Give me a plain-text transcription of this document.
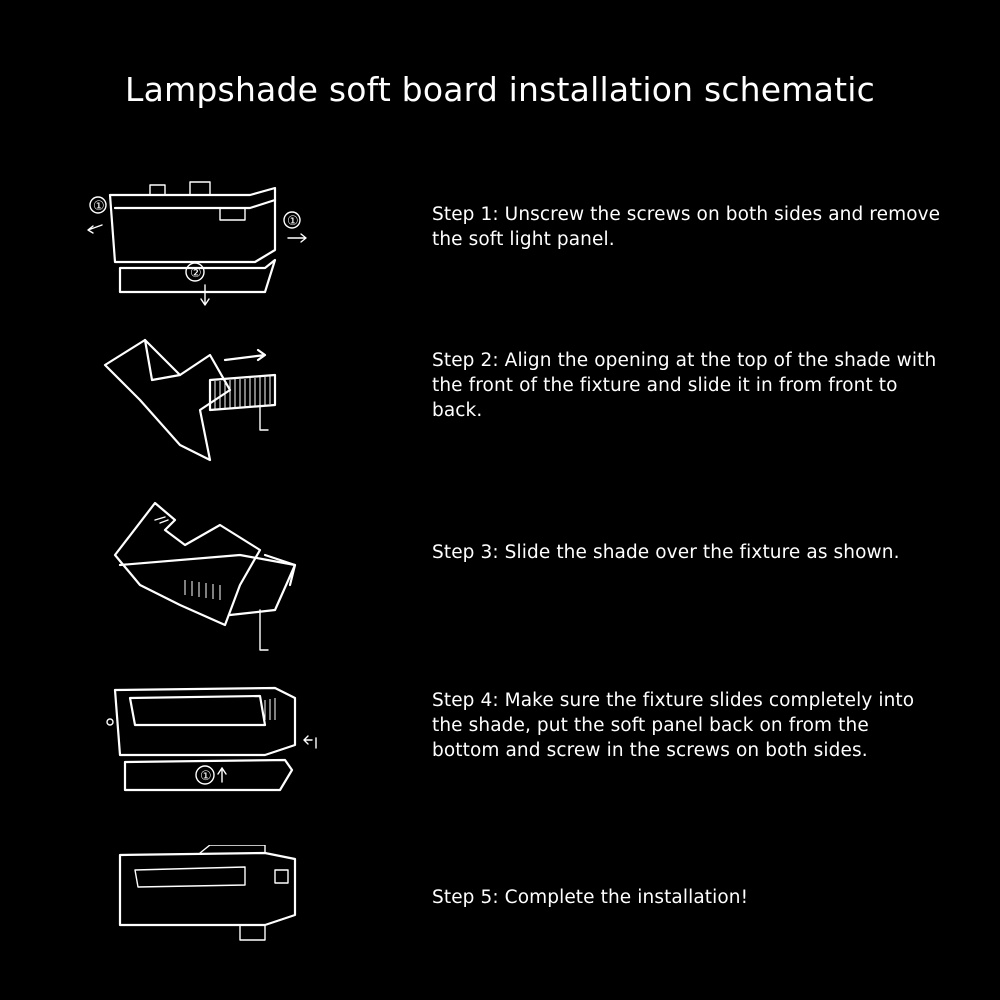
Lampshade soft board installation schematic
①
①
②

Step 1: Unscrew the screws on both sides and remove the soft light panel.

Step 2: Align the opening at the top of the shade with the front of the fixture and slide it in from front to back.

Step 3: Slide the shade over the fixture as shown.

①

Step 4: Make sure the fixture slides completely into the shade, put the soft panel back on from the bottom and screw in the screws on both sides.

Step 5: Complete the installation!
